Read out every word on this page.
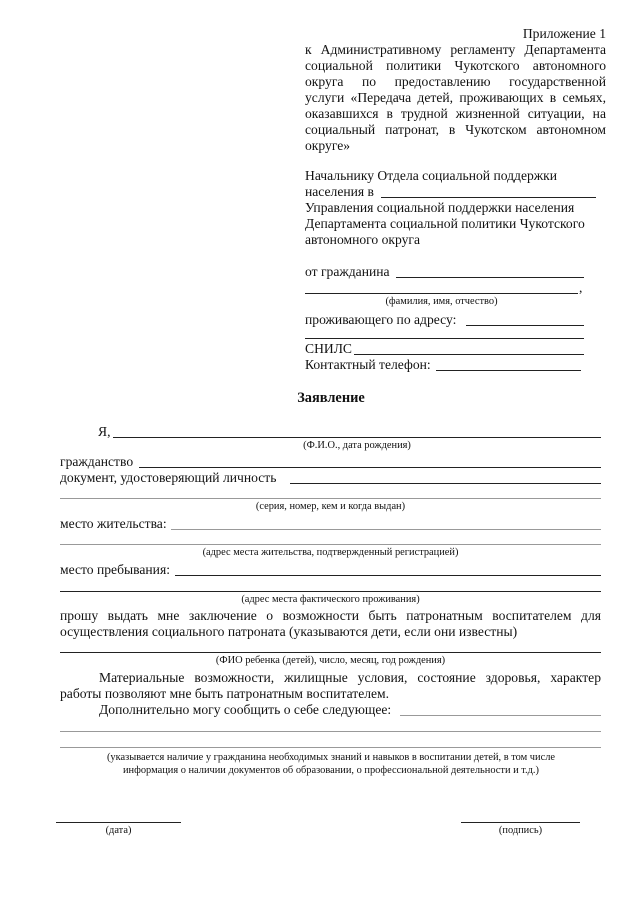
Приложение 1
к Административному регламенту Департамента
социальной политики Чукотского автономного
округа по предоставлению государственной
услуги «Передача детей, проживающих в семьях,
оказавшихся в трудной жизненной ситуации, на
социальный патронат, в Чукотском автономном
округе»
Начальнику Отдела социальной поддержки
населения в
Управления социальной поддержки населения
Департамента социальной политики Чукотского
автономного округа
от гражданина
,
(фамилия, имя, отчество)
проживающего по адресу:
СНИЛС
Контактный телефон:
Заявление
Я,
(Ф.И.О., дата рождения)
гражданство
документ, удостоверяющий личность
(серия, номер, кем и когда выдан)
место жительства:
(адрес места жительства, подтвержденный регистрацией)
место пребывания:
(адрес места фактического проживания)
прошу выдать мне заключение о возможности быть патронатным воспитателем для
осуществления социального патроната (указываются дети, если они известны)
(ФИО ребенка (детей), число, месяц, год рождения)
Материальные возможности, жилищные условия, состояние здоровья, характер
работы позволяют мне быть патронатным воспитателем.
Дополнительно могу сообщить о себе следующее:
(указывается наличие у гражданина необходимых знаний и навыков в воспитании детей, в том числе
информация о наличии документов об образовании, о профессиональной деятельности и т.д.)
(дата)	(подпись)
